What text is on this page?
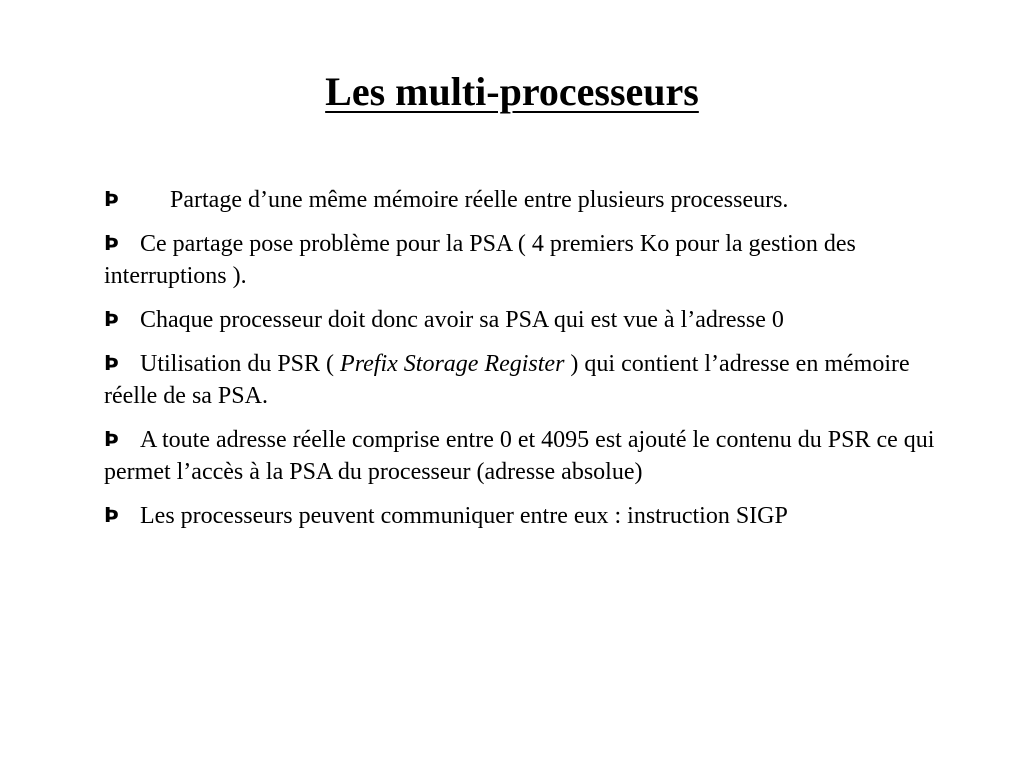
Les multi-processeurs

Þ Partage d’une même mémoire réelle entre plusieurs processeurs.

Þ Ce partage pose problème pour la PSA ( 4 premiers Ko pour la gestion des interruptions ).

Þ Chaque processeur doit donc avoir sa PSA qui est vue à l’adresse 0

Þ Utilisation du PSR ( Prefix Storage Register ) qui contient l’adresse en mémoire réelle de sa PSA.

Þ A toute adresse réelle comprise entre 0 et 4095 est ajouté le contenu du PSR ce qui permet l’accès à la PSA du processeur (adresse absolue)

Þ Les processeurs peuvent communiquer entre eux : instruction SIGP
